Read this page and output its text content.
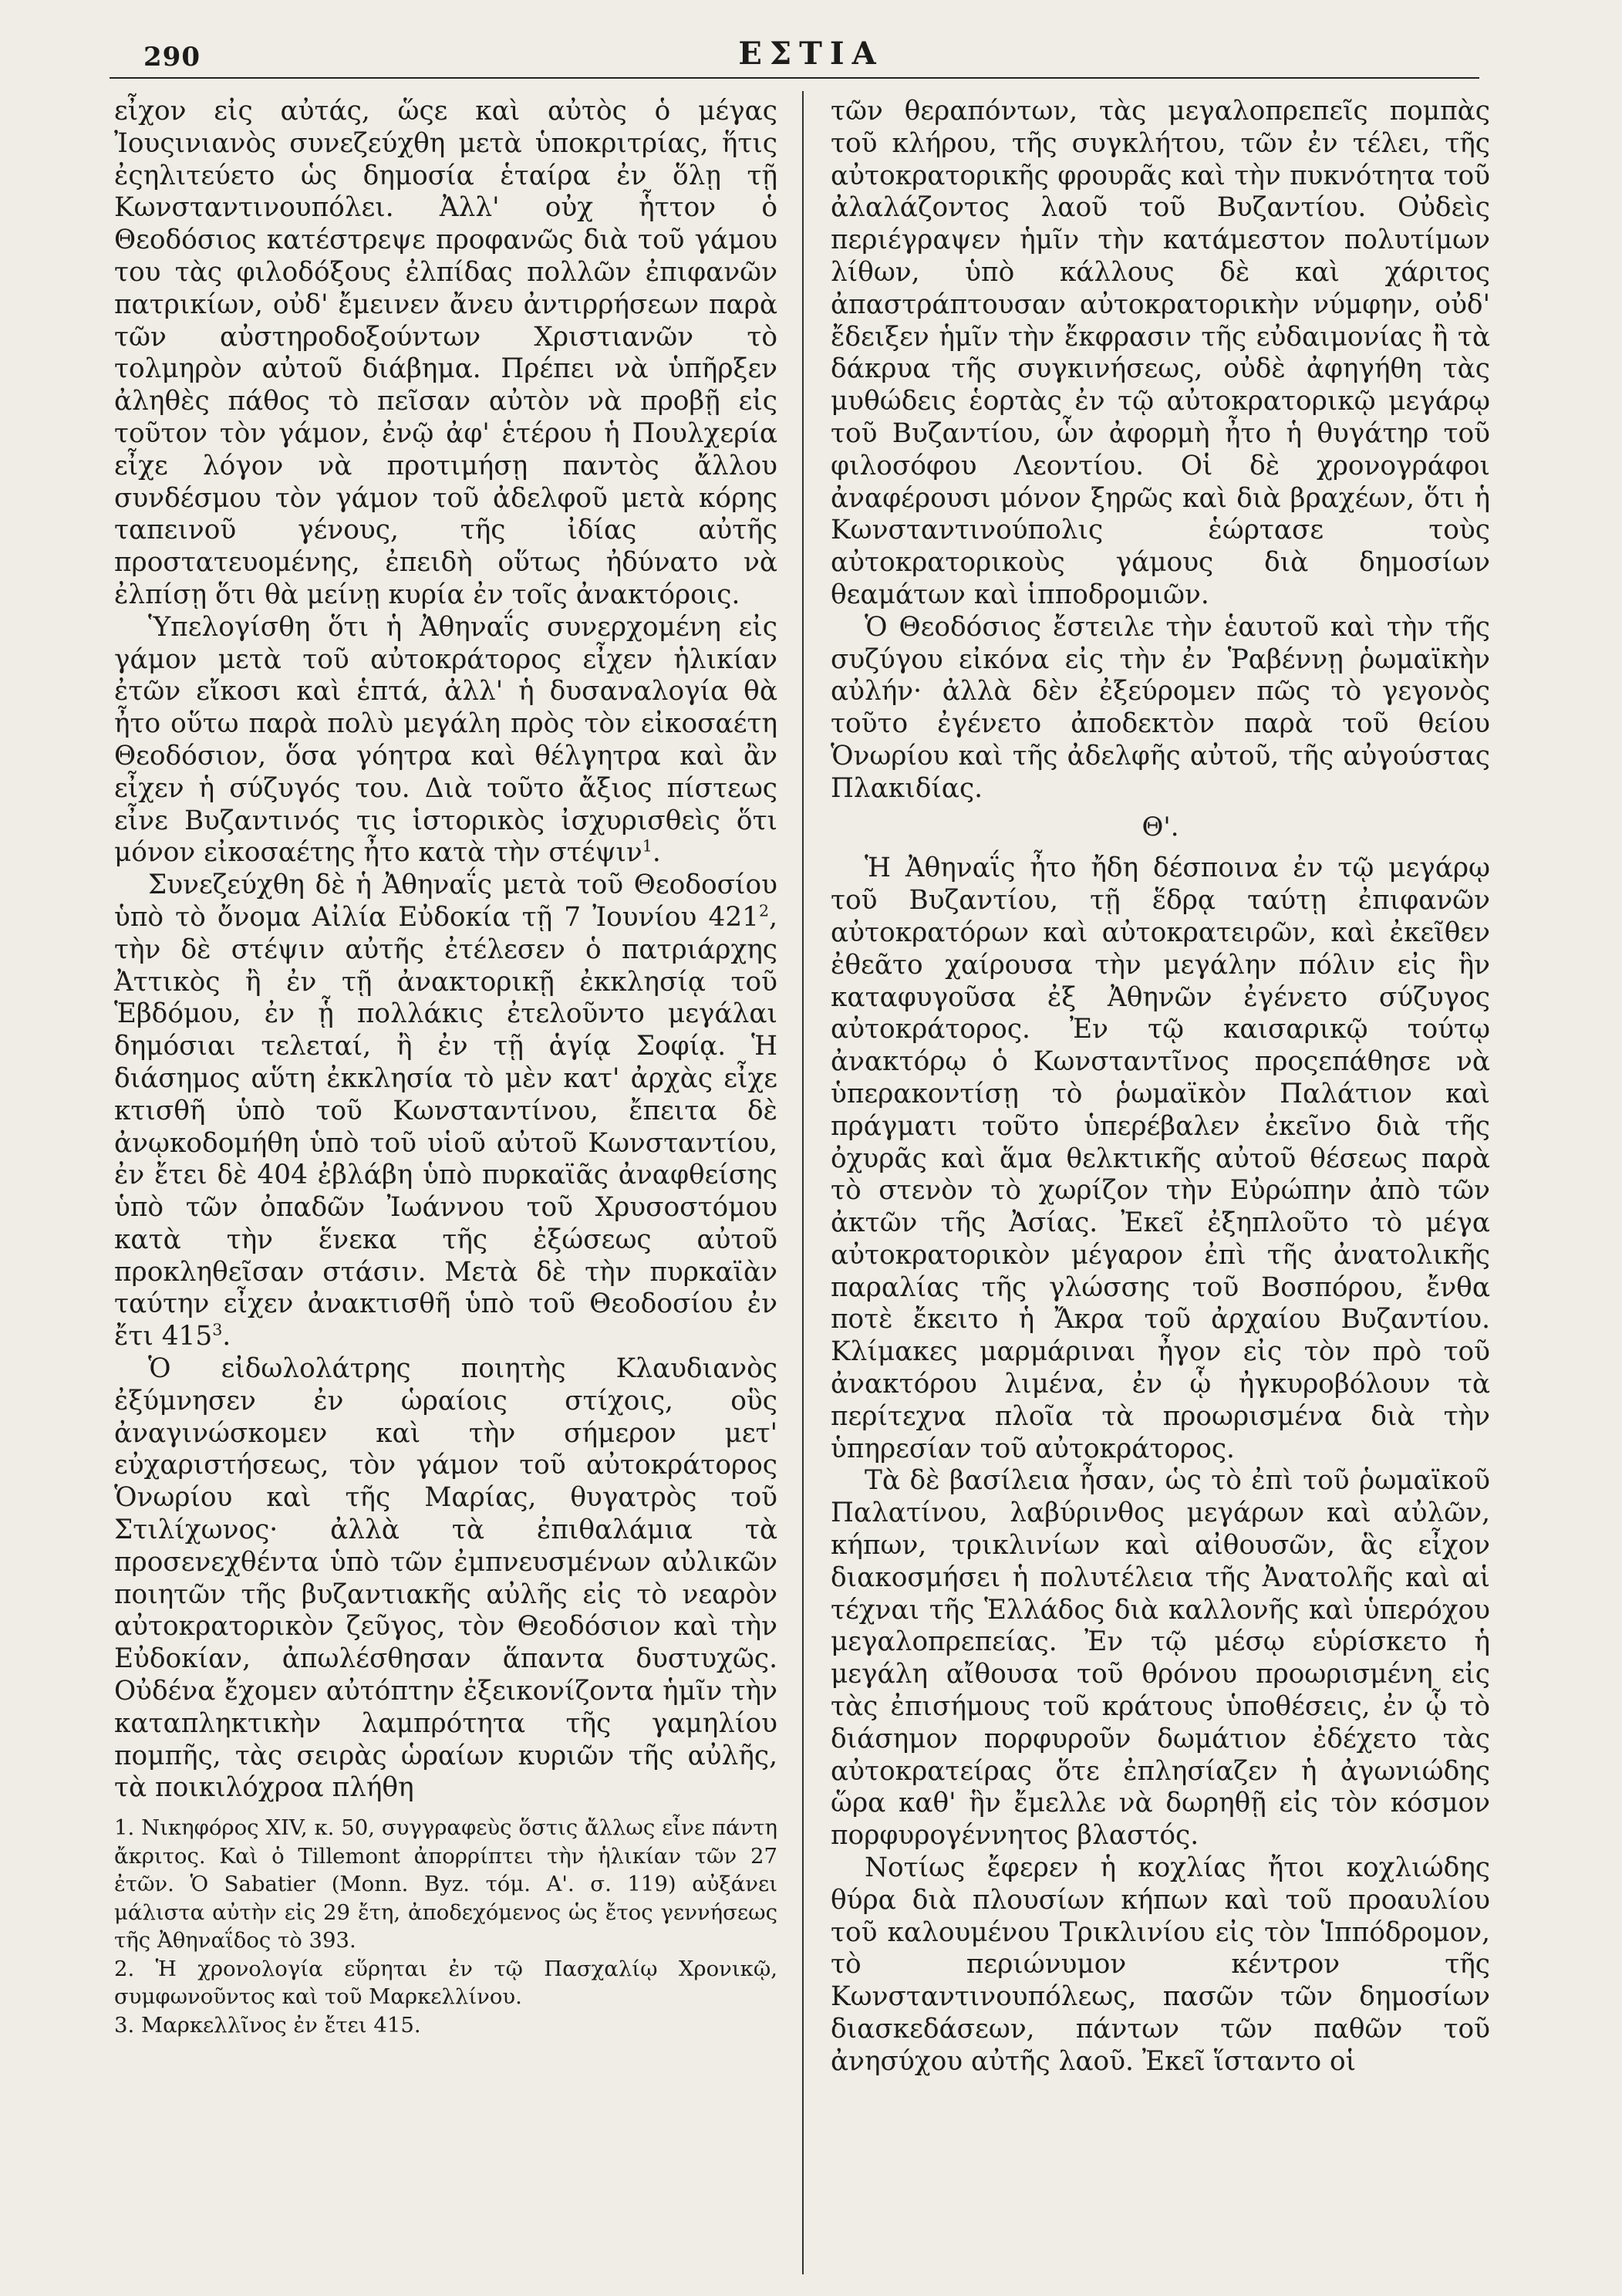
290	ΕΣΤΙΑ

εἶχον εἰς αὐτάς, ὥςε καὶ αὐτὸς ὁ μέγας Ἰουςινιανὸς συνεζεύχθη μετὰ ὑποκριτρίας, ἥτις ἐςηλιτεύετο ὡς δημοσία ἑταίρα ἐν ὅλῃ τῇ Κωνσταντινουπόλει. Ἀλλ' οὐχ ἧττον ὁ Θεοδόσιος κατέστρεψε προφανῶς διὰ τοῦ γάμου του τὰς φιλοδόξους ἐλπίδας πολλῶν ἐπιφανῶν πατρικίων, οὐδ' ἔμεινεν ἄνευ ἀντιρρήσεων παρὰ τῶν αὐστηροδοξούντων Χριστιανῶν τὸ τολμηρὸν αὐτοῦ διάβημα. Πρέπει νὰ ὑπῆρξεν ἀληθὲς πάθος τὸ πεῖσαν αὐτὸν νὰ προβῇ εἰς τοῦτον τὸν γάμον, ἐνῷ ἀφ' ἑτέρου ἡ Πουλχερία εἶχε λόγον νὰ προτιμήσῃ παντὸς ἄλλου συνδέσμου τὸν γάμον τοῦ ἀδελφοῦ μετὰ κόρης ταπεινοῦ γένους, τῆς ἰδίας αὐτῆς προστατευομένης, ἐπειδὴ οὕτως ἠδύνατο νὰ ἐλπίσῃ ὅτι θὰ μείνῃ κυρία ἐν τοῖς ἀνακτόροις.

Ὑπελογίσθη ὅτι ἡ Ἀθηναΐς συνερχομένη εἰς γάμον μετὰ τοῦ αὐτοκράτορος εἶχεν ἡλικίαν ἐτῶν εἴκοσι καὶ ἑπτά, ἀλλ' ἡ δυσαναλογία θὰ ἦτο οὕτω παρὰ πολὺ μεγάλη πρὸς τὸν εἰκοσαέτη Θεοδόσιον, ὅσα γόητρα καὶ θέλγητρα καὶ ἂν εἶχεν ἡ σύζυγός του. Διὰ τοῦτο ἄξιος πίστεως εἶνε Βυζαντινός τις ἱστορικὸς ἰσχυρισθεὶς ὅτι μόνον εἰκοσαέτης ἦτο κατὰ τὴν στέψιν$^1$.

Συνεζεύχθη δὲ ἡ Ἀθηναΐς μετὰ τοῦ Θεοδοσίου ὑπὸ τὸ ὄνομα Αἰλία Εὐδοκία τῇ 7 Ἰουνίου $421^2$, τὴν δὲ στέψιν αὐτῆς ἐτέλεσεν ὁ πατριάρχης Ἀττικὸς ἢ ἐν τῇ ἀνακτορικῇ ἐκκλησίᾳ τοῦ Ἑβδόμου, ἐν ᾗ πολλάκις ἐτελοῦντο μεγάλαι δημόσιαι τελεταί, ἢ ἐν τῇ ἁγίᾳ Σοφίᾳ. Ἡ διάσημος αὕτη ἐκκλησία τὸ μὲν κατ' ἀρχὰς εἶχε κτισθῆ ὑπὸ τοῦ Κωνσταντίνου, ἔπειτα δὲ ἀνῳκοδομήθη ὑπὸ τοῦ υἱοῦ αὐτοῦ Κωνσταντίου, ἐν ἔτει δὲ 404 ἐβλάβη ὑπὸ πυρκαϊᾶς ἀναφθείσης ὑπὸ τῶν ὀπαδῶν Ἰωάννου τοῦ Χρυσοστόμου κατὰ τὴν ἕνεκα τῆς ἐξώσεως αὐτοῦ προκληθεῖσαν στάσιν. Μετὰ δὲ τὴν πυρκαϊὰν ταύτην εἶχεν ἀνακτισθῆ ὑπὸ τοῦ Θεοδοσίου ἐν ἔτι $415^3$.

Ὁ εἰδωλολάτρης ποιητὴς Κλαυδιανὸς ἐξύμνησεν ἐν ὡραίοις στίχοις, οὓς ἀναγινώσκομεν καὶ τὴν σήμερον μετ' εὐχαριστήσεως, τὸν γάμον τοῦ αὐτοκράτορος Ὁνωρίου καὶ τῆς Μαρίας, θυγατρὸς τοῦ Στιλίχωνος· ἀλλὰ τὰ ἐπιθαλάμια τὰ προσενεχθέντα ὑπὸ τῶν ἐμπνευσμένων αὐλικῶν ποιητῶν τῆς βυζαντιακῆς αὐλῆς εἰς τὸ νεαρὸν αὐτοκρατορικὸν ζεῦγος, τὸν Θεοδόσιον καὶ τὴν Εὐδοκίαν, ἀπωλέσθησαν ἅπαντα δυστυχῶς. Οὐδένα ἔχομεν αὐτόπτην ἐξεικονίζοντα ἡμῖν τὴν καταπληκτικὴν λαμπρότητα τῆς γαμηλίου πομπῆς, τὰς σειρὰς ὡραίων κυριῶν τῆς αὐλῆς, τὰ ποικιλόχροα πλήθη

1. Νικηφόρος XIV, κ. 50, συγγραφεὺς ὅστις ἄλλως εἶνε πάντη ἄκριτος. Καὶ ὁ Tillemont ἀπορρίπτει τὴν ἡλικίαν τῶν 27 ἐτῶν. Ὁ Sabatier (Monn. Byz. τόμ. Α'. σ. 119) αὐξάνει μάλιστα αὐτὴν εἰς 29 ἔτη, ἀποδεχόμενος ὡς ἔτος γεννήσεως τῆς Ἀθηναΐδος τὸ 393.

2. Ἡ χρονολογία εὕρηται ἐν τῷ Πασχαλίῳ Χρονικῷ, συμφωνοῦντος καὶ τοῦ Μαρκελλίνου.

3. Μαρκελλῖνος ἐν ἔτει 415.

τῶν θεραπόντων, τὰς μεγαλοπρεπεῖς πομπὰς τοῦ κλήρου, τῆς συγκλήτου, τῶν ἐν τέλει, τῆς αὐτοκρατορικῆς φρουρᾶς καὶ τὴν πυκνότητα τοῦ ἀλαλάζοντος λαοῦ τοῦ Βυζαντίου. Οὐδεὶς περιέγραψεν ἡμῖν τὴν κατάμεστον πολυτίμων λίθων, ὑπὸ κάλλους δὲ καὶ χάριτος ἀπαστράπτουσαν αὐτοκρατορικὴν νύμφην, οὐδ' ἔδειξεν ἡμῖν τὴν ἔκφρασιν τῆς εὐδαιμονίας ἢ τὰ δάκρυα τῆς συγκινήσεως, οὐδὲ ἀφηγήθη τὰς μυθώδεις ἑορτὰς ἐν τῷ αὐτοκρατορικῷ μεγάρῳ τοῦ Βυζαντίου, ὧν ἀφορμὴ ἦτο ἡ θυγάτηρ τοῦ φιλοσόφου Λεοντίου. Οἱ δὲ χρονογράφοι ἀναφέρουσι μόνον ξηρῶς καὶ διὰ βραχέων, ὅτι ἡ Κωνσταντινούπολις ἑώρτασε τοὺς αὐτοκρατορικοὺς γάμους διὰ δημοσίων θεαμάτων καὶ ἱπποδρομιῶν.

Ὁ Θεοδόσιος ἔστειλε τὴν ἑαυτοῦ καὶ τὴν τῆς συζύγου εἰκόνα εἰς τὴν ἐν Ῥαβέννῃ ῥωμαϊκὴν αὐλήν· ἀλλὰ δὲν ἐξεύρομεν πῶς τὸ γεγονὸς τοῦτο ἐγένετο ἀποδεκτὸν παρὰ τοῦ θείου Ὁνωρίου καὶ τῆς ἀδελφῆς αὐτοῦ, τῆς αὐγούστας Πλακιδίας.

Θ'.

Ἡ Ἀθηναΐς ἦτο ἤδη δέσποινα ἐν τῷ μεγάρῳ τοῦ Βυζαντίου, τῇ ἕδρᾳ ταύτῃ ἐπιφανῶν αὐτοκρατόρων καὶ αὐτοκρατειρῶν, καὶ ἐκεῖθεν ἐθεᾶτο χαίρουσα τὴν μεγάλην πόλιν εἰς ἣν καταφυγοῦσα ἐξ Ἀθηνῶν ἐγένετο σύζυγος αὐτοκράτορος. Ἐν τῷ καισαρικῷ τούτῳ ἀνακτόρῳ ὁ Κωνσταντῖνος προςεπάθησε νὰ ὑπερακοντίσῃ τὸ ῥωμαϊκὸν Παλάτιον καὶ πράγματι τοῦτο ὑπερέβαλεν ἐκεῖνο διὰ τῆς ὀχυρᾶς καὶ ἅμα θελκτικῆς αὐτοῦ θέσεως παρὰ τὸ στενὸν τὸ χωρίζον τὴν Εὐρώπην ἀπὸ τῶν ἀκτῶν τῆς Ἀσίας. Ἐκεῖ ἐξηπλοῦτο τὸ μέγα αὐτοκρατορικὸν μέγαρον ἐπὶ τῆς ἀνατολικῆς παραλίας τῆς γλώσσης τοῦ Βοσπόρου, ἔνθα ποτὲ ἔκειτο ἡ Ἄκρα τοῦ ἀρχαίου Βυζαντίου. Κλίμακες μαρμάριναι ἦγον εἰς τὸν πρὸ τοῦ ἀνακτόρου λιμένα, ἐν ᾧ ἠγκυροβόλουν τὰ περίτεχνα πλοῖα τὰ προωρισμένα διὰ τὴν ὑπηρεσίαν τοῦ αὐτοκράτορος.

Τὰ δὲ βασίλεια ἦσαν, ὡς τὸ ἐπὶ τοῦ ῥωμαϊκοῦ Παλατίνου, λαβύρινθος μεγάρων καὶ αὐλῶν, κήπων, τρικλινίων καὶ αἰθουσῶν, ἃς εἶχον διακοσμήσει ἡ πολυτέλεια τῆς Ἀνατολῆς καὶ αἱ τέχναι τῆς Ἑλλάδος διὰ καλλονῆς καὶ ὑπερόχου μεγαλοπρεπείας. Ἐν τῷ μέσῳ εὑρίσκετο ἡ μεγάλη αἴθουσα τοῦ θρόνου προωρισμένη εἰς τὰς ἐπισήμους τοῦ κράτους ὑποθέσεις, ἐν ᾧ τὸ διάσημον πορφυροῦν δωμάτιον ἐδέχετο τὰς αὐτοκρατείρας ὅτε ἐπλησίαζεν ἡ ἀγωνιώδης ὥρα καθ' ἣν ἔμελλε νὰ δωρηθῇ εἰς τὸν κόσμον πορφυρογέννητος βλαστός.

Νοτίως ἔφερεν ἡ κοχλίας ἤτοι κοχλιώδης θύρα διὰ πλουσίων κήπων καὶ τοῦ προαυλίου τοῦ καλουμένου Τρικλινίου εἰς τὸν Ἱππόδρομον, τὸ περιώνυμον κέντρον τῆς Κωνσταντινουπόλεως, πασῶν τῶν δημοσίων διασκεδάσεων, πάντων τῶν παθῶν τοῦ ἀνησύχου αὐτῆς λαοῦ. Ἐκεῖ ἵσταντο οἱ
